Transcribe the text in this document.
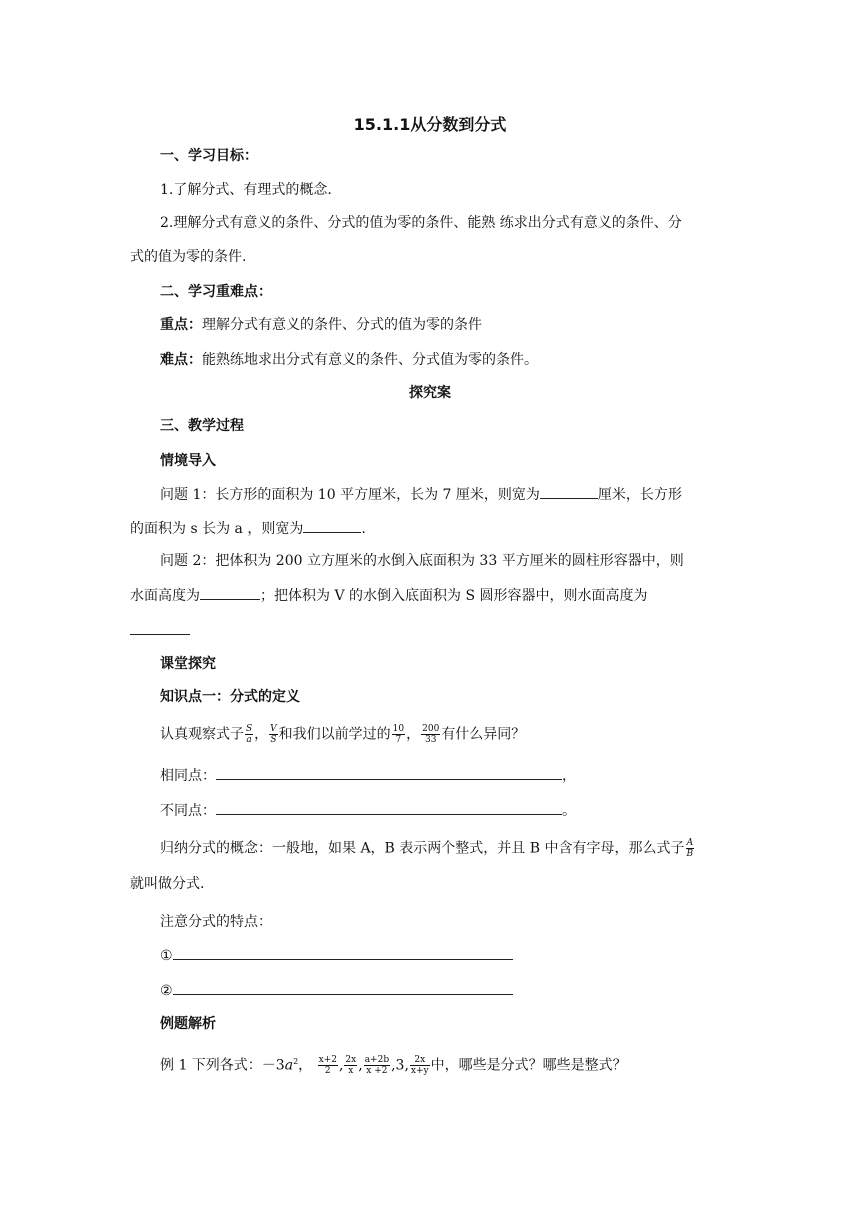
15.1.1从分数到分式
一、学习目标：
1.了解分式、有理式的概念.
2.理解分式有意义的条件、分式的值为零的条件、能熟 练求出分式有意义的条件、分
式的值为零的条件.
二、学习重难点：
重点：理解分式有意义的条件、分式的值为零的条件
难点：能熟练地求出分式有意义的条件、分式值为零的条件。
探究案
三、教学过程
情境导入
问题 1：长方形的面积为 10 平方厘米，长为 7 厘米，则宽为	厘米，长方形
的面积为 s 长为 a ，则宽为	.
问题 2：把体积为 200 立方厘米的水倒入底面积为 33 平方厘米的圆柱形容器中，则
水面高度为	；把体积为 V 的水倒入底面积为 S 圆形容器中，则水面高度为
课堂探究
知识点一：分式的定义
认真观察式子 $\frac{S}{a}$ ， $\frac{V}{S}$ 和我们以前学过的 $\frac{10}{7}$ ， $\frac{200}{33}$ 有什么异同？
相同点：	，
不同点：	。
归纳分式的概念：一般地，如果 A，B 表示两个整式，并且 B 中含有字母，那么式子 $\frac{A}{B}$
就叫做分式.
注意分式的特点：
①
②
例题解析
例 1 下列各式：$-3a^2$， $\frac{x+2}{2}$ , $\frac{2x}{x}$ , $\frac{a+2b}{x +2} ,3$, $\frac{2x}{x+y}$ 中，哪些是分式？哪些是整式？
